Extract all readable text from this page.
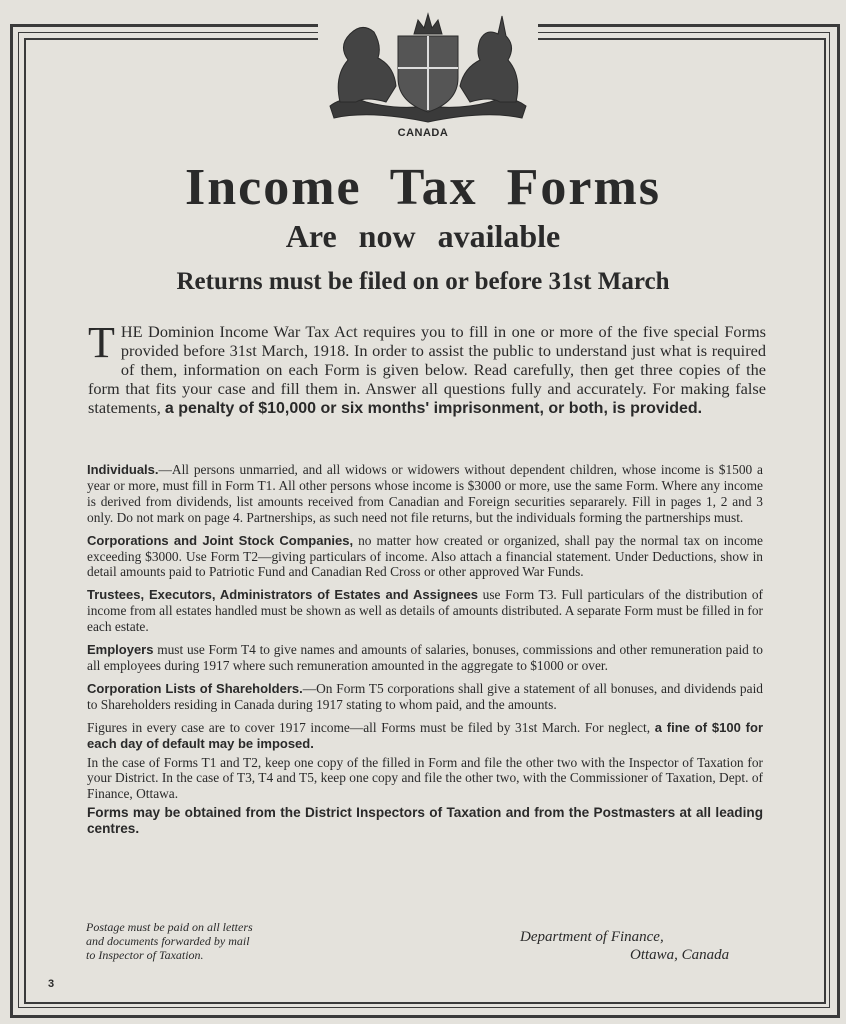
CANADA
Income Tax Forms
Are now available
Returns must be filed on or before 31st March
THE Dominion Income War Tax Act requires you to fill in one or more of the five special Forms provided before 31st March, 1918. In order to assist the public to understand just what is required of them, information on each Form is given below. Read carefully, then get three copies of the form that fits your case and fill them in. Answer all questions fully and accurately. For making false statements, a penalty of $10,000 or six months' imprisonment, or both, is provided.

Individuals.—All persons unmarried, and all widows or widowers without dependent children, whose income is $1500 a year or more, must fill in Form T1. All other persons whose income is $3000 or more, use the same Form. Where any income is derived from dividends, list amounts received from Canadian and Foreign securities separarely. Fill in pages 1, 2 and 3 only. Do not mark on page 4. Partnerships, as such need not file returns, but the individuals forming the partnerships must.

Corporations and Joint Stock Companies, no matter how created or organized, shall pay the normal tax on income exceeding $3000. Use Form T2—giving particulars of income. Also attach a financial statement. Under Deductions, show in detail amounts paid to Patriotic Fund and Canadian Red Cross or other approved War Funds.

Trustees, Executors, Administrators of Estates and Assignees use Form T3. Full particulars of the distribution of income from all estates handled must be shown as well as details of amounts distributed. A separate Form must be filled in for each estate.

Employers must use Form T4 to give names and amounts of salaries, bonuses, commissions and other remuneration paid to all employees during 1917 where such remuneration amounted in the aggregate to $1000 or over.

Corporation Lists of Shareholders.—On Form T5 corporations shall give a statement of all bonuses, and dividends paid to Shareholders residing in Canada during 1917 stating to whom paid, and the amounts.

Figures in every case are to cover 1917 income—all Forms must be filed by 31st March. For neglect, a fine of $100 for each day of default may be imposed.

In the case of Forms T1 and T2, keep one copy of the filled in Form and file the other two with the Inspector of Taxation for your District. In the case of T3, T4 and T5, keep one copy and file the other two, with the Commissioner of Taxation, Dept. of Finance, Ottawa.

Forms may be obtained from the District Inspectors of Taxation and from the Postmasters at all leading centres.

Postage must be paid on all letters
and documents forwarded by mail
to Inspector of Taxation.
Department of Finance,
Ottawa, Canada
3
